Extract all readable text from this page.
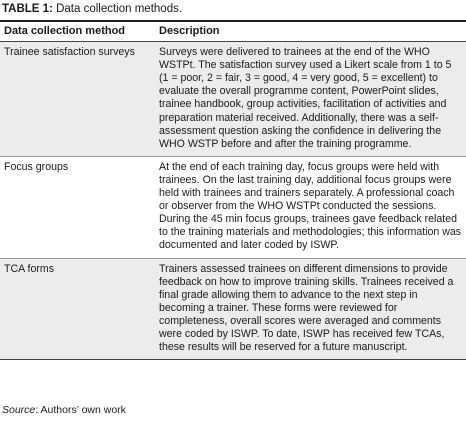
TABLE 1: Data collection methods.
Data collection method	Description
Trainee satisfaction surveys	Surveys were delivered to trainees at the end of the WHO WSTPt. The satisfaction survey used a Likert scale from 1 to 5 (1 = poor, 2 = fair, 3 = good, 4 = very good, 5 = excellent) to evaluate the overall programme content, PowerPoint slides, trainee handbook, group activities, facilitation of activities and preparation material received. Additionally, there was a self-assessment question asking the confidence in delivering the WHO WSTP before and after the training programme.
Focus groups	At the end of each training day, focus groups were held with trainees. On the last training day, additional focus groups were held with trainees and trainers separately. A professional coach or observer from the WHO WSTPt conducted the sessions. During the 45 min focus groups, trainees gave feedback related to the training materials and methodologies; this information was documented and later coded by ISWP.
TCA forms	Trainers assessed trainees on different dimensions to provide feedback on how to improve training skills. Trainees received a final grade allowing them to advance to the next step in becoming a trainer. These forms were reviewed for completeness, overall scores were averaged and comments were coded by ISWP. To date, ISWP has received few TCAs, these results will be reserved for a future manuscript.
Source: Authors’ own work
